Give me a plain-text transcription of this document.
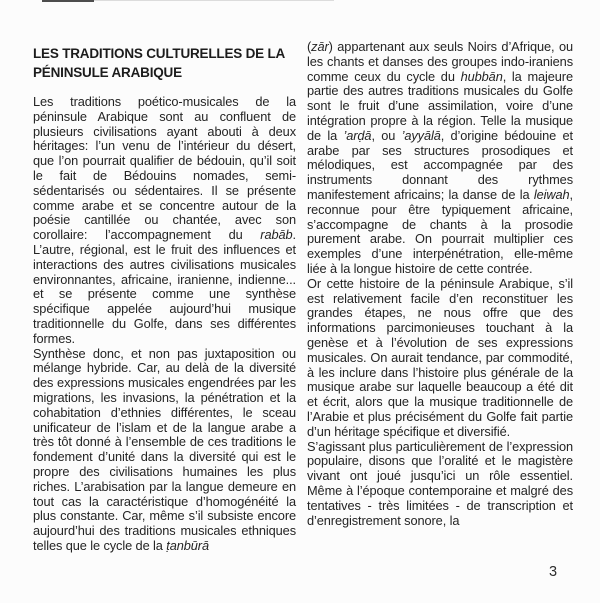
LES TRADITIONS CULTURELLES DE LA
PÉNINSULE ARABIQUE

Les traditions poético-musicales de la péninsule Arabique sont au confluent de plusieurs civilisations ayant abouti à deux héritages: l’un venu de l’intérieur du désert, que l’on pourrait qualifier de bédouin, qu’il soit le fait de Bédouins nomades, semi-sédentarisés ou sédentaires. Il se présente comme arabe et se concentre autour de la poésie cantillée ou chantée, avec son corollaire: l’accompagnement du rabāb. L’autre, régional, est le fruit des influences et interactions des autres civilisations musicales environnantes, africaine, iranienne, indienne... et se présente comme une synthèse spécifique appelée aujourd’hui musique traditionnelle du Golfe, dans ses différentes formes.

Synthèse donc, et non pas juxtaposition ou mélange hybride. Car, au delà de la diversité des expressions musicales engendrées par les migrations, les invasions, la pénétration et la cohabitation d’ethnies différentes, le sceau unificateur de l’islam et de la langue arabe a très tôt donné à l’ensemble de ces traditions le fondement d’unité dans la diversité qui est le propre des civilisations humaines les plus riches. L’arabisation par la langue demeure en tout cas la caractéristique d’homogénéité la plus constante. Car, même s’il subsiste encore aujourd’hui des traditions musicales ethniques telles que le cycle de la ṭanbūrā

(zār) appartenant aux seuls Noirs d’Afrique, ou les chants et danses des groupes indo-iraniens comme ceux du cycle du hubbān, la majeure partie des autres traditions musicales du Golfe sont le fruit d’une assimilation, voire d’une intégration propre à la région. Telle la musique de la ’arḍā, ou ’ayyālā, d’origine bédouine et arabe par ses structures prosodiques et mélodiques, est accompagnée par des instruments donnant des rythmes manifestement africains; la danse de la leiwah, reconnue pour être typiquement africaine, s’accompagne de chants à la prosodie purement arabe. On pourrait multiplier ces exemples d’une interpénétration, elle-même liée à la longue histoire de cette contrée.

Or cette histoire de la péninsule Arabique, s’il est relativement facile d’en reconstituer les grandes étapes, ne nous offre que des informations parcimonieuses touchant à la genèse et à l’évolution de ses expressions musicales. On aurait tendance, par commodité, à les inclure dans l’histoire plus générale de la musique arabe sur laquelle beaucoup a été dit et écrit, alors que la musique traditionnelle de l’Arabie et plus précisément du Golfe fait partie d’un héritage spécifique et diversifié.

S’agissant plus particulièrement de l’expression populaire, disons que l’oralité et le magistère vivant ont joué jusqu’ici un rôle essentiel. Même à l’époque contemporaine et malgré des tentatives - très limitées - de transcription et d’enregistrement sonore, la

3
